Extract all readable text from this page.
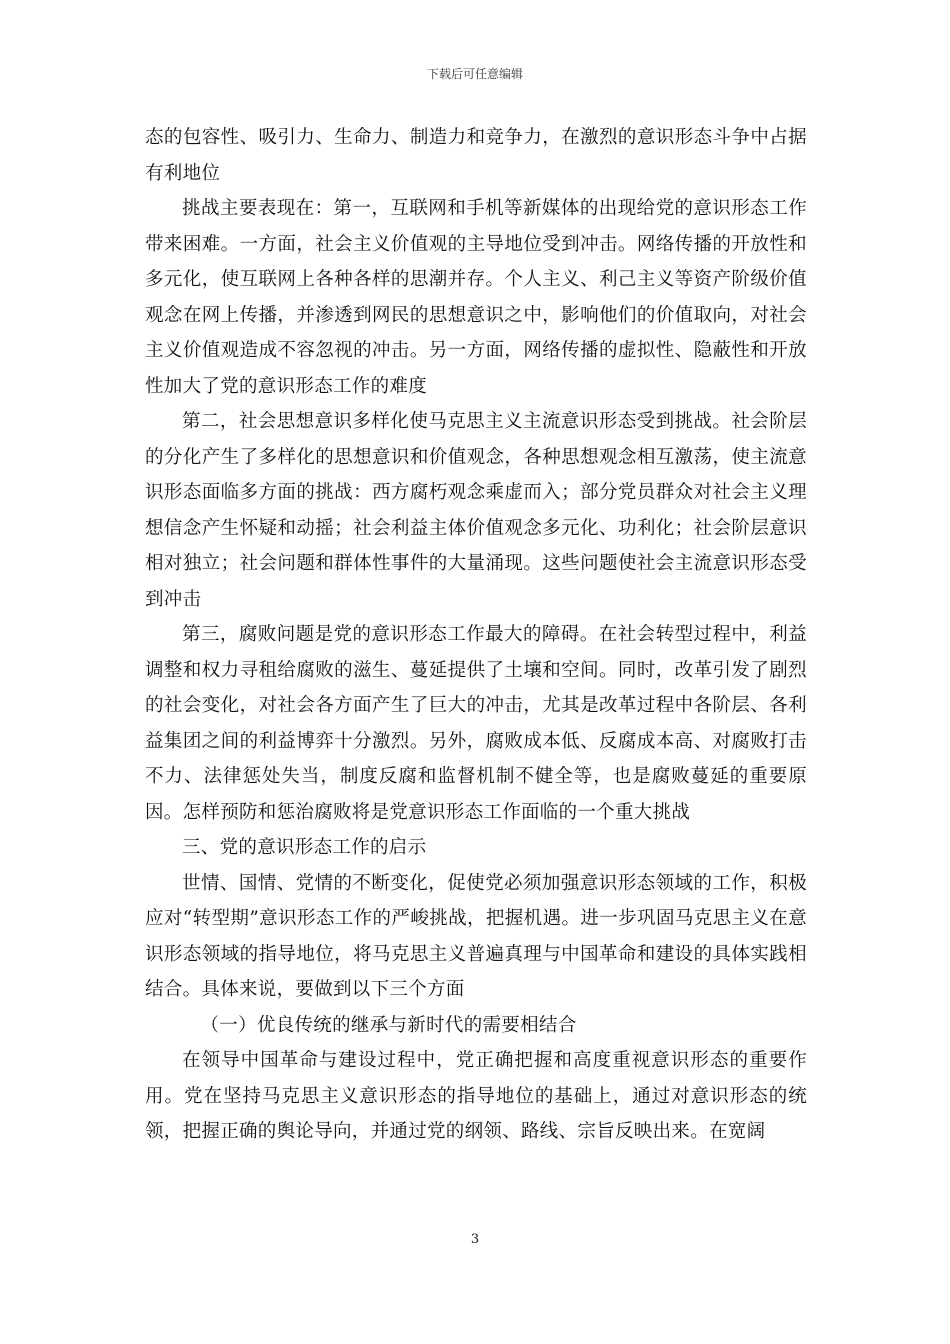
下载后可任意编辑

态的包容性、吸引力、生命力、制造力和竞争力，在激烈的意识形态斗争中占据有利地位

挑战主要表现在：第一，互联网和手机等新媒体的出现给党的意识形态工作带来困难。一方面，社会主义价值观的主导地位受到冲击。网络传播的开放性和多元化，使互联网上各种各样的思潮并存。个人主义、利己主义等资产阶级价值观念在网上传播，并渗透到网民的思想意识之中，影响他们的价值取向，对社会主义价值观造成不容忽视的冲击。另一方面，网络传播的虚拟性、隐蔽性和开放性加大了党的意识形态工作的难度

第二，社会思想意识多样化使马克思主义主流意识形态受到挑战。社会阶层的分化产生了多样化的思想意识和价值观念，各种思想观念相互激荡，使主流意识形态面临多方面的挑战：西方腐朽观念乘虚而入；部分党员群众对社会主义理想信念产生怀疑和动摇；社会利益主体价值观念多元化、功利化；社会阶层意识相对独立；社会问题和群体性事件的大量涌现。这些问题使社会主流意识形态受到冲击

第三，腐败问题是党的意识形态工作最大的障碍。在社会转型过程中，利益调整和权力寻租给腐败的滋生、蔓延提供了土壤和空间。同时，改革引发了剧烈的社会变化，对社会各方面产生了巨大的冲击，尤其是改革过程中各阶层、各利益集团之间的利益博弈十分激烈。另外，腐败成本低、反腐成本高、对腐败打击不力、法律惩处失当，制度反腐和监督机制不健全等，也是腐败蔓延的重要原因。怎样预防和惩治腐败将是党意识形态工作面临的一个重大挑战

三、党的意识形态工作的启示

世情、国情、党情的不断变化，促使党必须加强意识形态领域的工作，积极应对“转型期”意识形态工作的严峻挑战，把握机遇。进一步巩固马克思主义在意识形态领域的指导地位，将马克思主义普遍真理与中国革命和建设的具体实践相结合。具体来说，要做到以下三个方面

（一）优良传统的继承与新时代的需要相结合

在领导中国革命与建设过程中，党正确把握和高度重视意识形态的重要作用。党在坚持马克思主义意识形态的指导地位的基础上，通过对意识形态的统领，把握正确的舆论导向，并通过党的纲领、路线、宗旨反映出来。在宽阔

3
